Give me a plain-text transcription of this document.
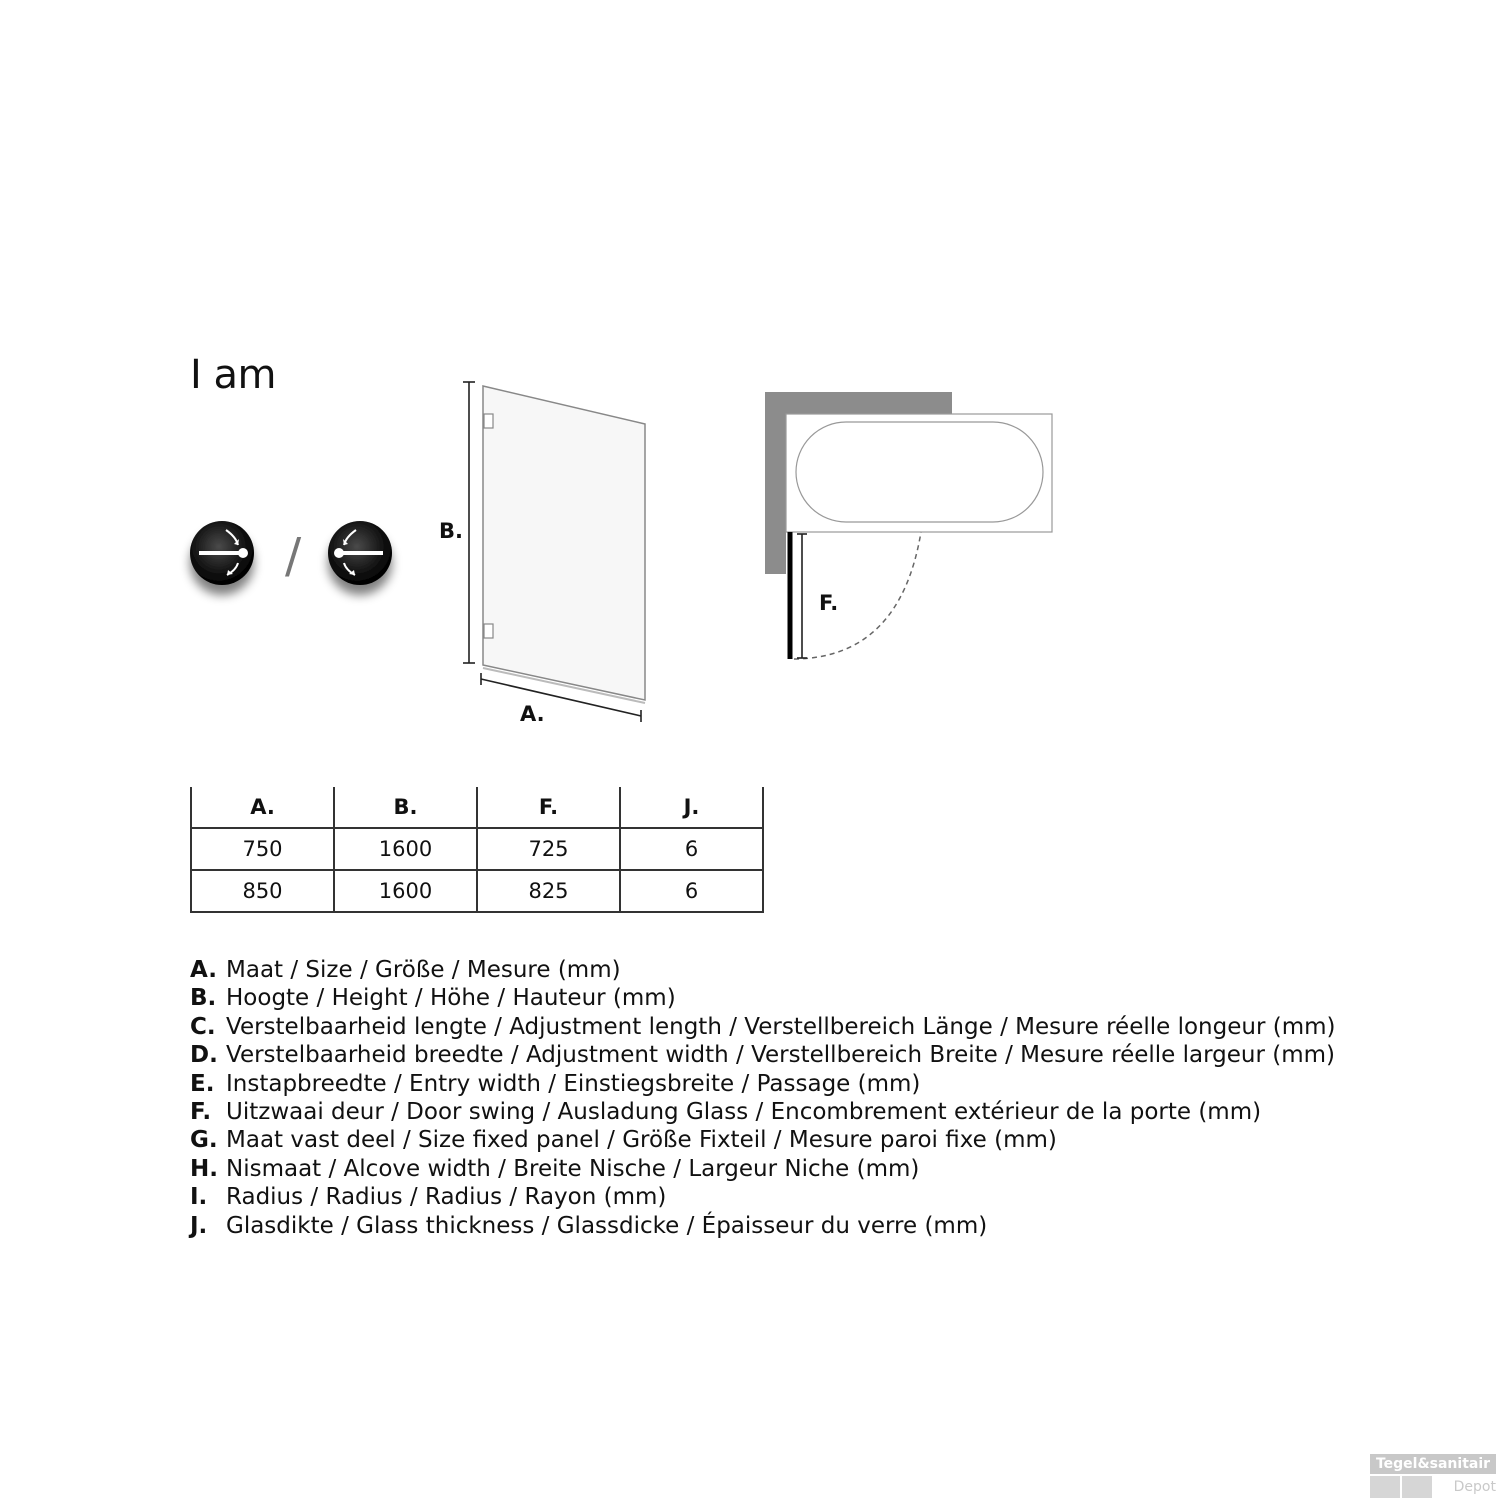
I am
/	B.
A.
F.
A.	B.	F.	J.
750	1600	725	6
850	1600	825	6
A. Maat / Size / Größe / Mesure (mm)
B. Hoogte / Height / Höhe / Hauteur (mm)
C. Verstelbaarheid lengte / Adjustment length / Verstellbereich Länge / Mesure réelle longeur (mm)
D. Verstelbaarheid breedte / Adjustment width / Verstellbereich Breite / Mesure réelle largeur (mm)
E. Instapbreedte / Entry width / Einstiegsbreite / Passage (mm)
F. Uitzwaai deur / Door swing / Ausladung Glass / Encombrement extérieur de la porte (mm)
G. Maat vast deel / Size fixed panel / Größe Fixteil / Mesure paroi fixe (mm)
H. Nismaat / Alcove width / Breite Nische / Largeur Niche (mm)
I. Radius / Radius / Radius / Rayon (mm)
J. Glasdikte / Glass thickness / Glassdicke / Épaisseur du verre (mm)
Tegel&sanitair
Depot
